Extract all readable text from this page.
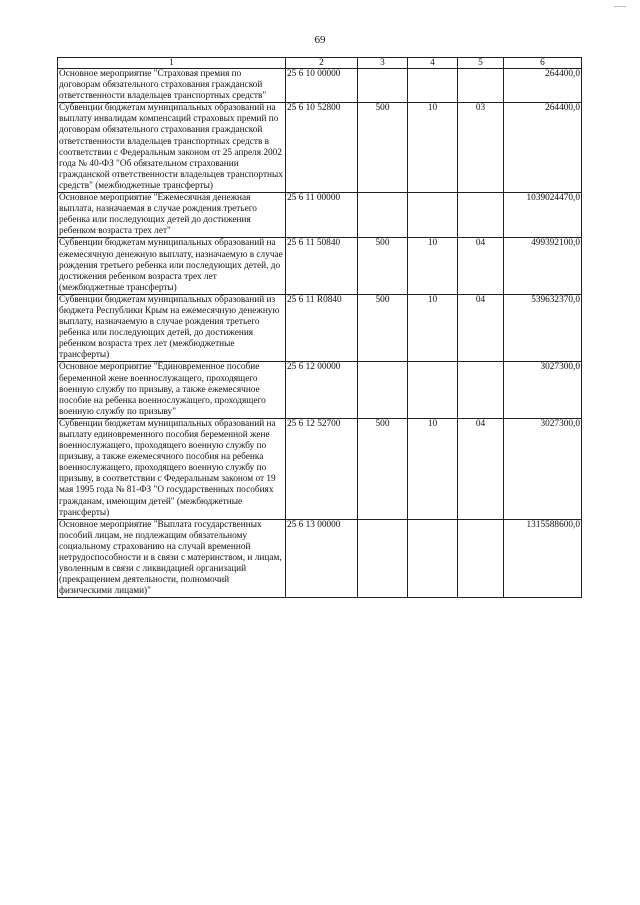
69
1	2	3	4	5	6
Основное мероприятие "Страховая премия по договорам обязательного страхования гражданской ответственности владельцев транспортных средств"	25 6 10 00000				264400,0
Субвенции бюджетам муниципальных образований на выплату инвалидам компенсаций страховых премий по договорам обязательного страхования гражданской ответственности владельцев транспортных средств в соответствии с Федеральным законом от 25 апреля 2002 года № 40-ФЗ "Об обязательном страховании гражданской ответственности владельцев транспортных средств" (межбюджетные трансферты)	25 6 10 52800	500	10	03	264400,0
Основное мероприятие "Ежемесячная денежная выплата, назначаемая в случае рождения третьего ребенка или последующих детей до достижения ребенком возраста трех лет"	25 6 11 00000				1039024470,0
Субвенции бюджетам муниципальных образований на ежемесячную денежную выплату, назначаемую в случае рождения третьего ребенка или последующих детей, до достижения ребенком возраста трех лет (межбюджетные трансферты)	25 6 11 50840	500	10	04	499392100,0
Субвенции бюджетам муниципальных образований из бюджета Республики Крым на ежемесячную денежную выплату, назначаемую в случае рождения третьего ребенка или последующих детей, до достижения ребенком возраста трех лет (межбюджетные трансферты)	25 6 11 R0840	500	10	04	539632370,0
Основное мероприятие "Единовременное пособие беременной жене военнослужащего, проходящего военную службу по призыву, а также ежемесячное пособие на ребенка военнослужащего, проходящего военную службу по призыву"	25 6 12 00000				3027300,0
Субвенции бюджетам муниципальных образований на выплату единовременного пособия беременной жене военнослужащего, проходящего военную службу по призыву, а также ежемесячного пособия на ребенка военнослужащего, проходящего военную службу по призыву, в соответствии с Федеральным законом от 19 мая 1995 года № 81-ФЗ "О государственных пособиях гражданам, имеющим детей" (межбюджетные трансферты)	25 6 12 52700	500	10	04	3027300,0
Основное мероприятие "Выплата государственных пособий лицам, не подлежащим обязательному социальному страхованию на случай временной нетрудоспособности и в связи с материнством, и лицам, уволенным в связи с ликвидацией организаций (прекращением деятельности, полномочий физическими лицами)"	25 6 13 00000				1315588600,0
